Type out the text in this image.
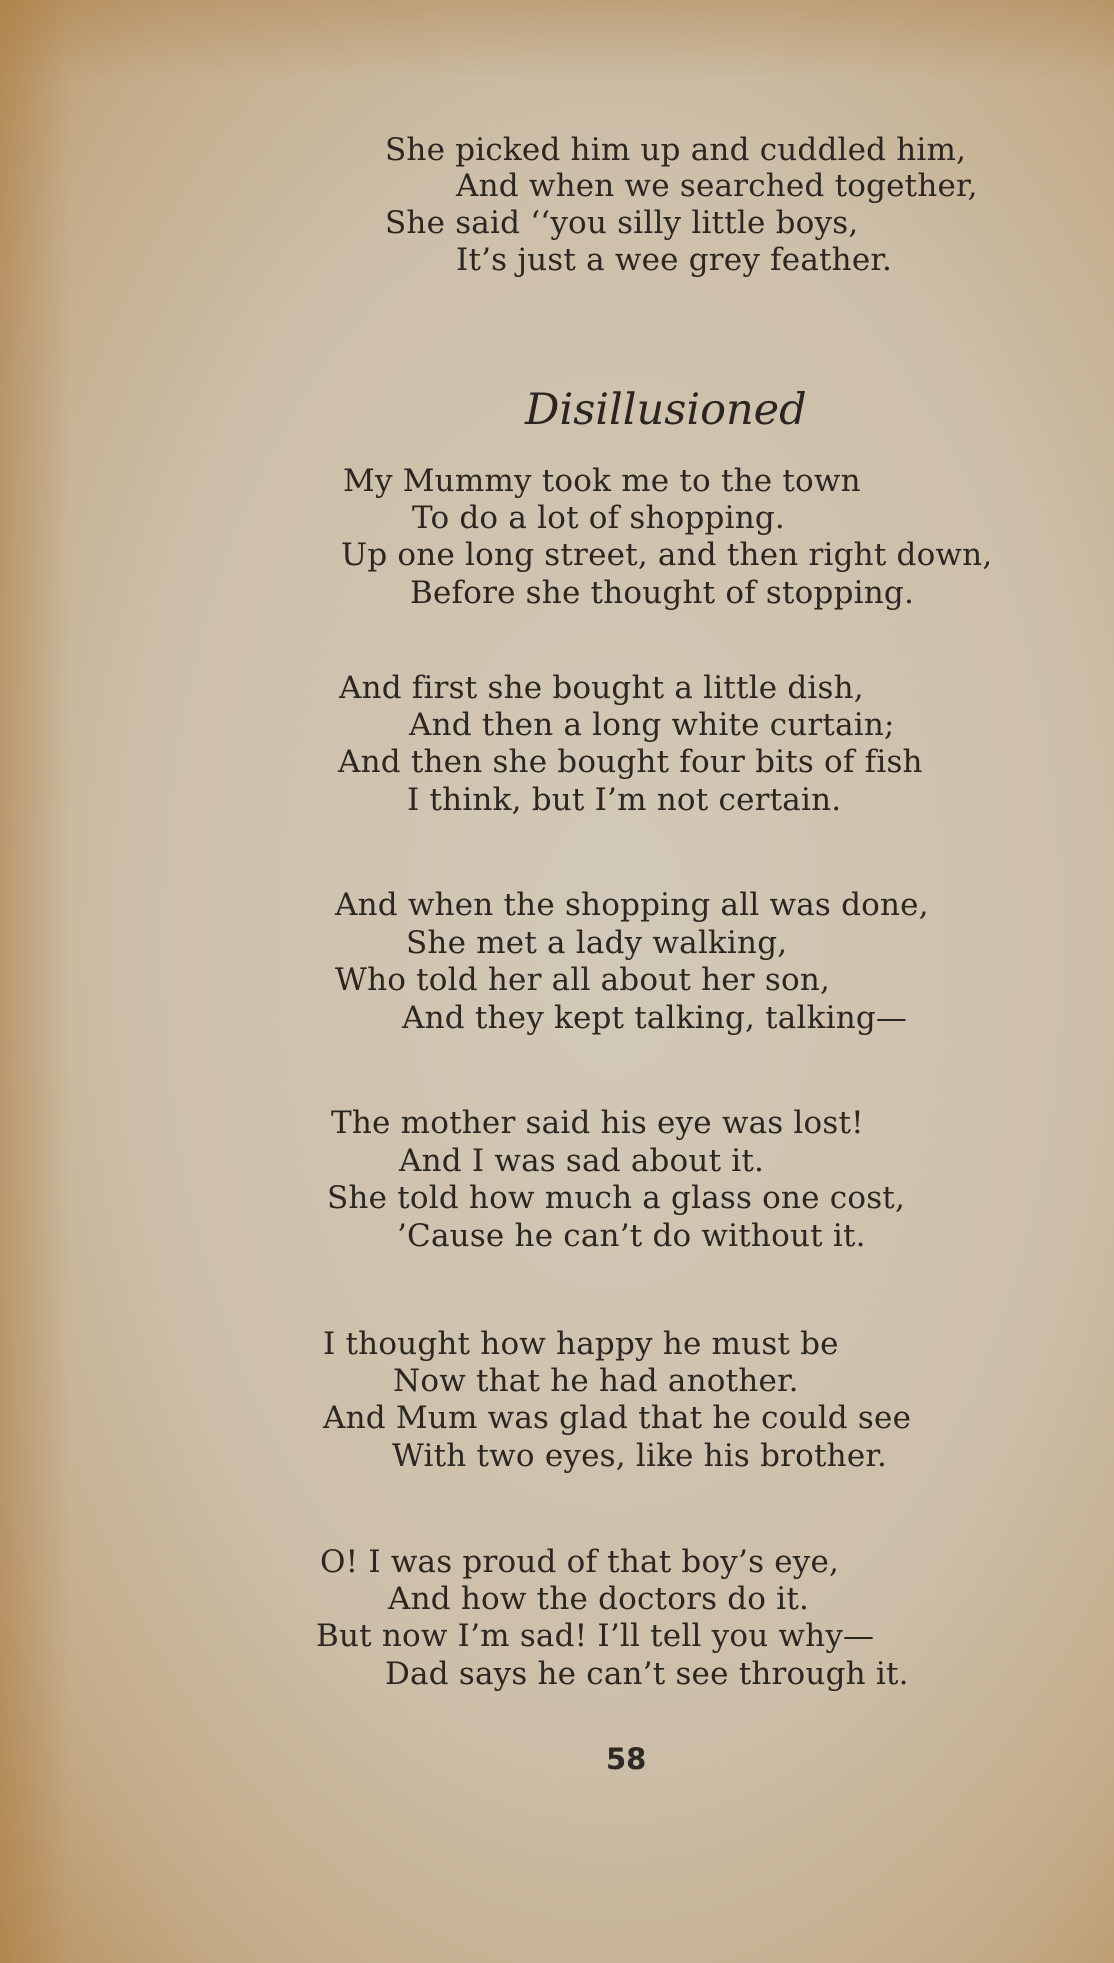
She picked him up and cuddled him,
And when we searched together,
She said ‘‘you silly little boys,
It’s just a wee grey feather.
Disillusioned
My Mummy took me to the town
To do a lot of shopping.
Up one long street, and then right down,
Before she thought of stopping.
And first she bought a little dish,
And then a long white curtain;
And then she bought four bits of fish
I think, but I’m not certain.
And when the shopping all was done,
She met a lady walking,
Who told her all about her son,
And they kept talking, talking—
The mother said his eye was lost!
And I was sad about it.
She told how much a glass one cost,
’Cause he can’t do without it.
I thought how happy he must be
Now that he had another.
And Mum was glad that he could see
With two eyes, like his brother.
O! I was proud of that boy’s eye,
And how the doctors do it.
But now I’m sad! I’ll tell you why—
Dad says he can’t see through it.
58
